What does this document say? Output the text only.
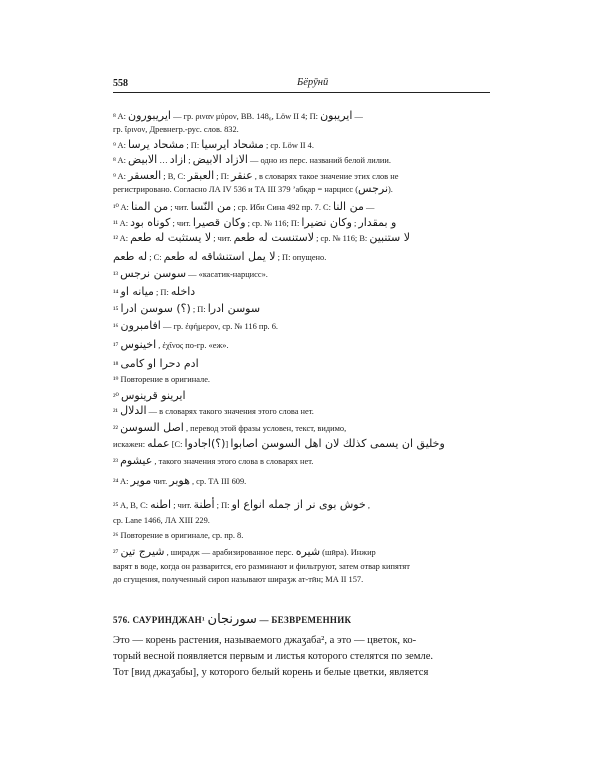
558	Бёрӯнӣ
⁸ A: ايريبورون — гр. ριναν μύρον, ВВ. 148₆, Löw II 4; П: ايريبون —
гр. ἴρινον, Древнегр.-рус. слов. 832.
⁹ A: مشحاد يرسا ; П: مشحاد ايرسيا ; ср. Löw II 4.
⁸ A: الابيض … ازاد ; الازاد الابيض — одно из перс. названий белой лилии.
⁹ A: العسقر ; B, C: العبقر ; П: عنقر , в словарях такое значение этих слов не
регистрировано. Согласно ЛА IV 536 и ТА III 379 ʼабқар = нарцисс (نرجس).
¹⁰ A: من المنا ; чит. من النّسا ; ср. Ибн Сина 492 пр. 7. C: من النا —
¹¹ A: كوناه بود ; чит. وكان قصيرا ; ср. № 116; П: وكان نضيرا ; و بمقدار
¹² A: لا يستثبت له طعم ; чит. لاستنست له طعم ; ср. № 116; B: لا ستنبين
له طعم ; C: لا يمل استنشاقه له طعم ; П: опущено.
¹³ سوسن نرجس — «касатик-нарцисс».
¹⁴ ميانه او ; П: داخله
¹⁵ (؟) سوسن ادرا ; П: سوسن ادرا
¹⁶ افامبرون — гр. ἐφήμερον, ср. № 116 пр. 6.
¹⁷ اخينوس , ἐχῖνος по-гр. «еж».
¹⁸ ادم دحرا او كامى
¹⁹ Повторение в оригинале.
²⁰ ايرينو قرينوس
²¹ الدلال — в словарях такого значения этого слова нет.
²² اصل السوسن , перевод этой фразы условен, текст, видимо,
искажен: عمله [C: (؟)اجادوا] وخليق ان يسمى كذلك لان اهل السوسن اصابوا
²³ عيشوم , такого значения этого слова в словарях нет.
²⁴ A: موير чит. هوبر , ср. ТА III 609.
²⁵ A, B, C: اطنه ; чит. أطنة ; П: خوش بوى نر از جمله انواع او ,
ср. Lane 1466, ЛА XIII 229.
²⁶ Повторение в оригинале, ср. пр. 8.
²⁷ شيرج تين , ширадж — арабизированное перс. شيره (шӣра). Инжир
варят в воде, когда он разварится, его разминают и фильтруют, затем отвар кипятят
до сгущения, полученный сироп называют шираӡж ат-тӣн; МА II 157.
576. САУРИНДЖАН¹ سورنجان — БЕЗВРЕМЕННИК
Это — корень растения, называемого джаӡаба², а это — цветок, ко-
торый весной появляется первым и листья которого стелятся по земле.
Тот [вид джаӡабы], у которого белый корень и белые цветки, является
